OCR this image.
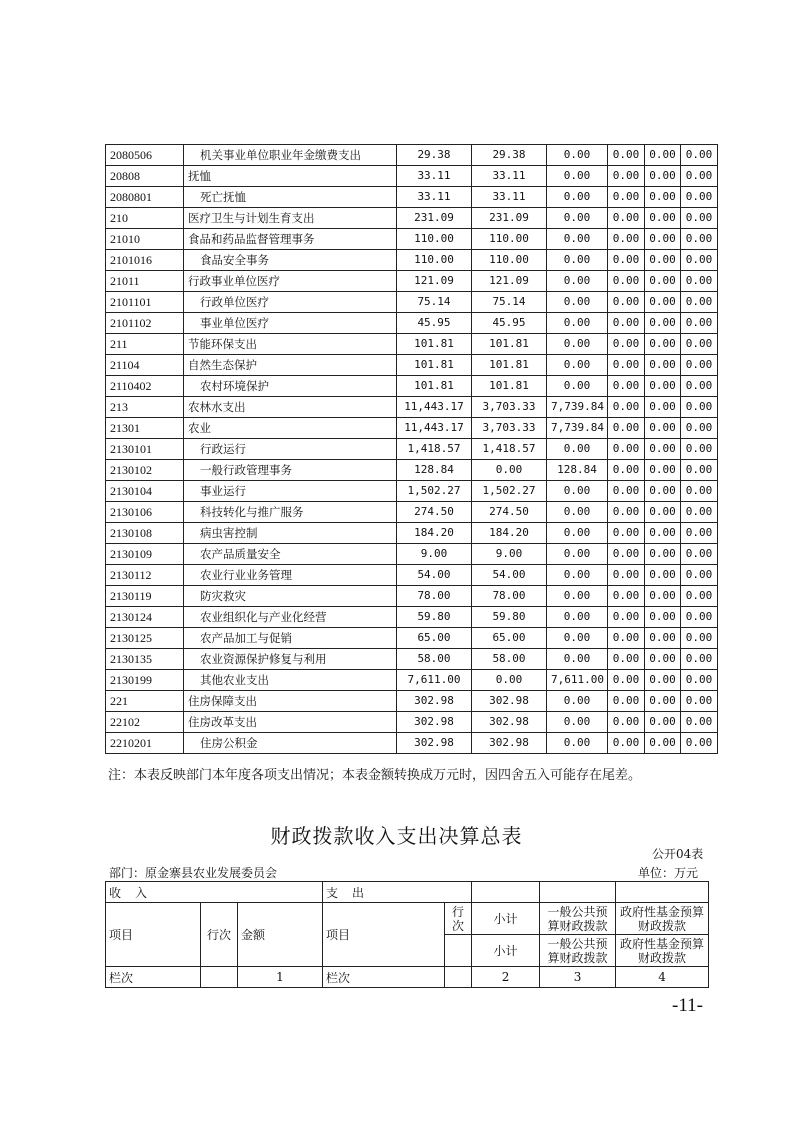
2080506	机关事业单位职业年金缴费支出	29.38	29.38	0.00	0.00	0.00	0.00
20808	抚恤	33.11	33.11	0.00	0.00	0.00	0.00
2080801	死亡抚恤	33.11	33.11	0.00	0.00	0.00	0.00
210	医疗卫生与计划生育支出	231.09	231.09	0.00	0.00	0.00	0.00
21010	食品和药品监督管理事务	110.00	110.00	0.00	0.00	0.00	0.00
2101016	食品安全事务	110.00	110.00	0.00	0.00	0.00	0.00
21011	行政事业单位医疗	121.09	121.09	0.00	0.00	0.00	0.00
2101101	行政单位医疗	75.14	75.14	0.00	0.00	0.00	0.00
2101102	事业单位医疗	45.95	45.95	0.00	0.00	0.00	0.00
211	节能环保支出	101.81	101.81	0.00	0.00	0.00	0.00
21104	自然生态保护	101.81	101.81	0.00	0.00	0.00	0.00
2110402	农村环境保护	101.81	101.81	0.00	0.00	0.00	0.00
213	农林水支出	11,443.17	3,703.33	7,739.84	0.00	0.00	0.00
21301	农业	11,443.17	3,703.33	7,739.84	0.00	0.00	0.00
2130101	行政运行	1,418.57	1,418.57	0.00	0.00	0.00	0.00
2130102	一般行政管理事务	128.84	0.00	128.84	0.00	0.00	0.00
2130104	事业运行	1,502.27	1,502.27	0.00	0.00	0.00	0.00
2130106	科技转化与推广服务	274.50	274.50	0.00	0.00	0.00	0.00
2130108	病虫害控制	184.20	184.20	0.00	0.00	0.00	0.00
2130109	农产品质量安全	9.00	9.00	0.00	0.00	0.00	0.00
2130112	农业行业业务管理	54.00	54.00	0.00	0.00	0.00	0.00
2130119	防灾救灾	78.00	78.00	0.00	0.00	0.00	0.00
2130124	农业组织化与产业化经营	59.80	59.80	0.00	0.00	0.00	0.00
2130125	农产品加工与促销	65.00	65.00	0.00	0.00	0.00	0.00
2130135	农业资源保护修复与利用	58.00	58.00	0.00	0.00	0.00	0.00
2130199	其他农业支出	7,611.00	0.00	7,611.00	0.00	0.00	0.00
221	住房保障支出	302.98	302.98	0.00	0.00	0.00	0.00
22102	住房改革支出	302.98	302.98	0.00	0.00	0.00	0.00
2210201	住房公积金	302.98	302.98	0.00	0.00	0.00	0.00
注：本表反映部门本年度各项支出情况；本表金额转换成万元时，因四舍五入可能存在尾差。
财政拨款收入支出决算总表
公开04表
部门：原金寨县农业发展委员会	单位：万元
收入			支出				
项目	行次	金额	项目	行次	小计	一般公共预算财政拨款	政府性基金预算财政拨款
					小计	一般公共预算财政拨款	政府性基金预算财政拨款
栏次		1	栏次		2	3	4
-11-
